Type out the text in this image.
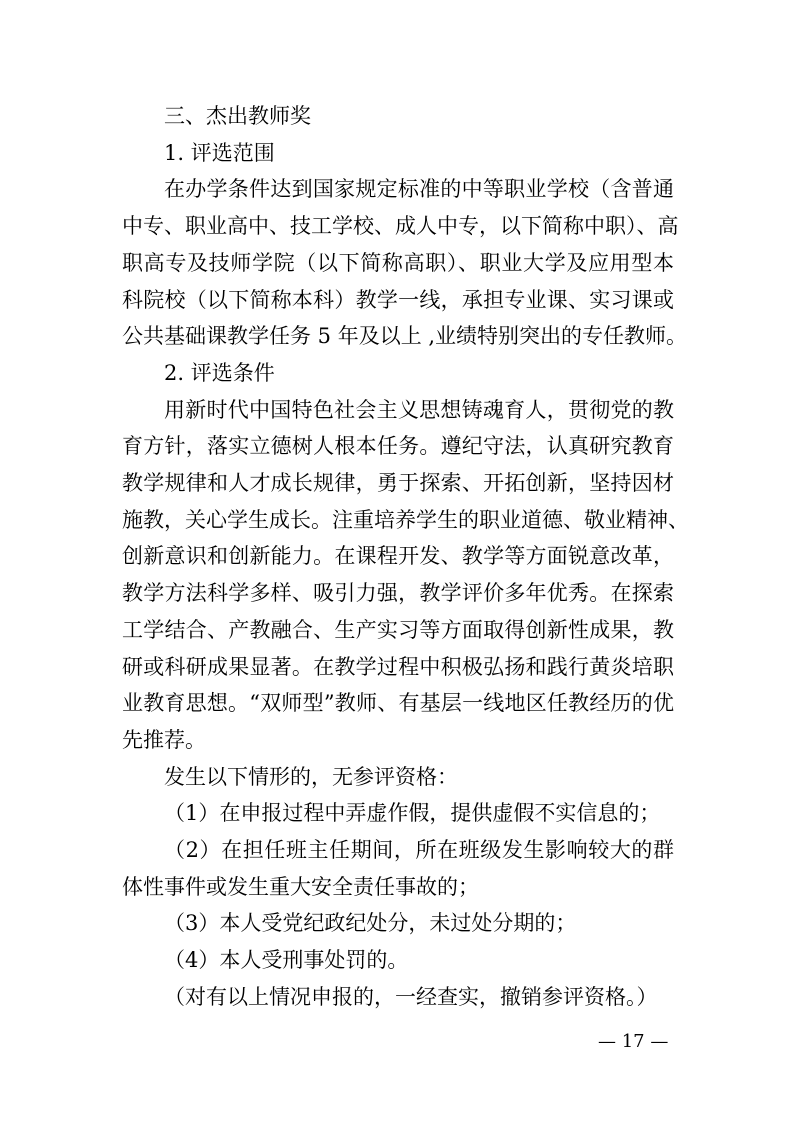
三、杰出教师奖
1. 评选范围
在办学条件达到国家规定标准的中等职业学校（含普通
中专、职业高中、技工学校、成人中专，以下简称中职）、高
职高专及技师学院（以下简称高职）、职业大学及应用型本
科院校（以下简称本科）教学一线，承担专业课、实习课或
公共基础课教学任务 5 年及以上 ,业绩特别突出的专任教师。
2. 评选条件
用新时代中国特色社会主义思想铸魂育人，贯彻党的教
育方针，落实立德树人根本任务。遵纪守法，认真研究教育
教学规律和人才成长规律，勇于探索、开拓创新，坚持因材
施教，关心学生成长。注重培养学生的职业道德、敬业精神、
创新意识和创新能力。在课程开发、教学等方面锐意改革，
教学方法科学多样、吸引力强，教学评价多年优秀。在探索
工学结合、产教融合、生产实习等方面取得创新性成果，教
研或科研成果显著。在教学过程中积极弘扬和践行黄炎培职
业教育思想。“双师型”教师、有基层一线地区任教经历的优
先推荐。
发生以下情形的，无参评资格：
（1）在申报过程中弄虚作假，提供虚假不实信息的；
（2）在担任班主任期间，所在班级发生影响较大的群
体性事件或发生重大安全责任事故的；
（3）本人受党纪政纪处分，未过处分期的；
（4）本人受刑事处罚的。
（对有以上情况申报的，一经查实，撤销参评资格。）
— 17 —
